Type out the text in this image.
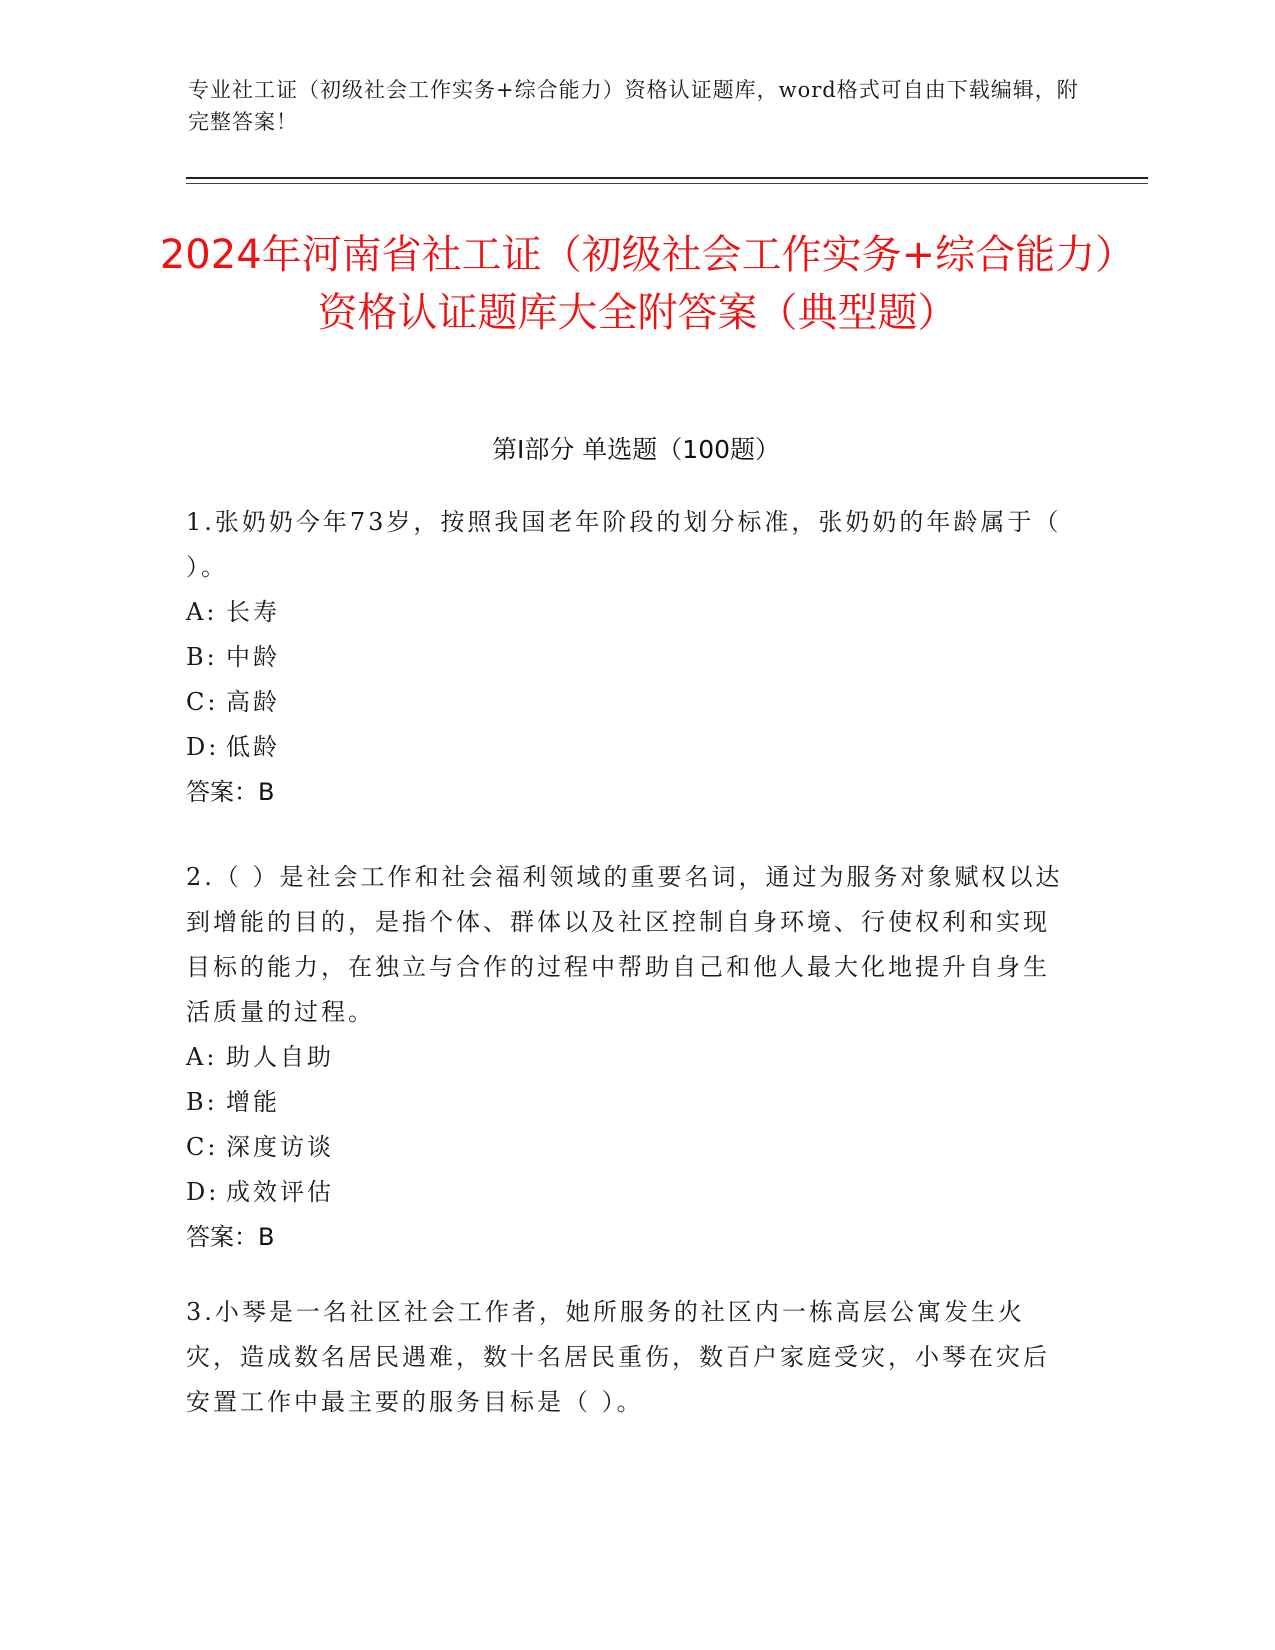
专业社工证（初级社会工作实务+综合能力）资格认证题库，word格式可自由下载编辑，附完整答案！
2024年河南省社工证（初级社会工作实务+综合能力）资格认证题库大全附答案（典型题）
第I部分 单选题（100题）

1.张奶奶今年73岁，按照我国老年阶段的划分标准，张奶奶的年龄属于（ ）。

A: 长寿
B: 中龄
C: 高龄
D: 低龄
答案：B

2.（ ）是社会工作和社会福利领域的重要名词，通过为服务对象赋权以达到增能的目的，是指个体、群体以及社区控制自身环境、行使权利和实现目标的能力，在独立与合作的过程中帮助自己和他人最大化地提升自身生活质量的过程。

A: 助人自助
B: 增能
C: 深度访谈
D: 成效评估
答案：B

3.小琴是一名社区社会工作者，她所服务的社区内一栋高层公寓发生火灾，造成数名居民遇难，数十名居民重伤，数百户家庭受灾，小琴在灾后安置工作中最主要的服务目标是（ ）。
